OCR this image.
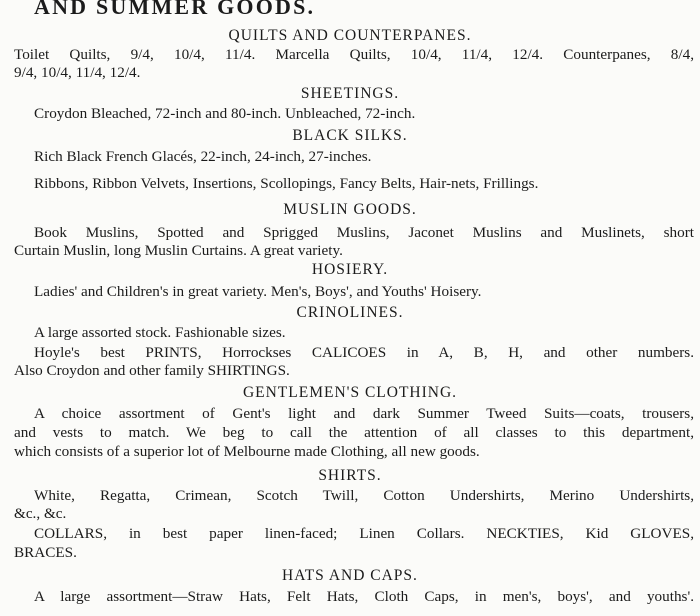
AND SUMMER GOODS.
QUILTS AND COUNTERPANES.
Toilet Quilts, 9/4, 10/4, 11/4. Marcella Quilts, 10/4, 11/4, 12/4. Counterpanes, 8/4,
9/4, 10/4, 11/4, 12/4.
SHEETINGS.
Croydon Bleached, 72-inch and 80-inch. Unbleached, 72-inch.
BLACK SILKS.
Rich Black French Glacés, 22-inch, 24-inch, 27-inches.
Ribbons, Ribbon Velvets, Insertions, Scollopings, Fancy Belts, Hair-nets, Frillings.
MUSLIN GOODS.
Book Muslins, Spotted and Sprigged Muslins, Jaconet Muslins and Muslinets, short
Curtain Muslin, long Muslin Curtains. A great variety.
HOSIERY.
Ladies' and Children's in great variety. Men's, Boys', and Youths' Hoisery.
CRINOLINES.
A large assorted stock. Fashionable sizes.
Hoyle's best PRINTS, Horrockses CALICOES in A, B, H, and other numbers.
Also Croydon and other family SHIRTINGS.
GENTLEMEN'S CLOTHING.
A choice assortment of Gent's light and dark Summer Tweed Suits—coats, trousers,
and vests to match. We beg to call the attention of all classes to this department,
which consists of a superior lot of Melbourne made Clothing, all new goods.
SHIRTS.
White, Regatta, Crimean, Scotch Twill, Cotton Undershirts, Merino Undershirts,
&c., &c.
COLLARS, in best paper linen-faced; Linen Collars. NECKTIES, Kid GLOVES,
BRACES.
HATS AND CAPS.
A large assortment—Straw Hats, Felt Hats, Cloth Caps, in men's, boys', and youths'.
